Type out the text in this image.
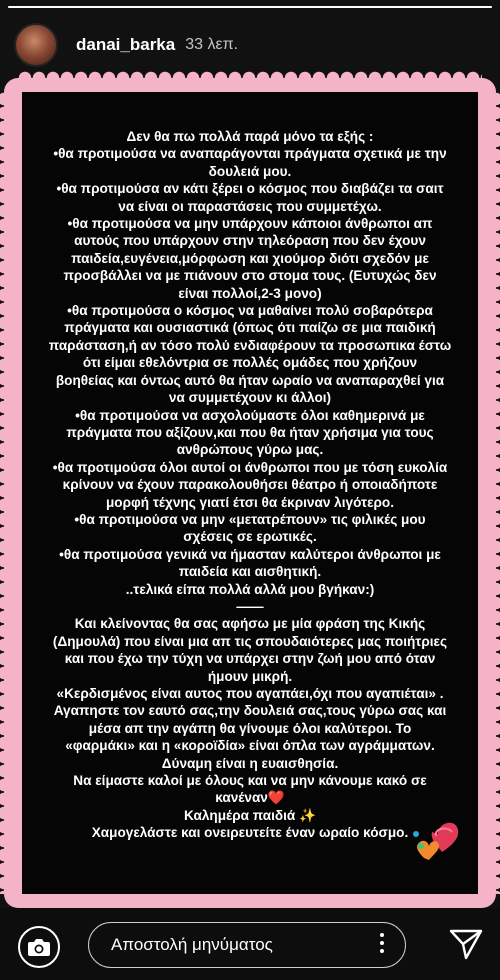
danai_barka 33 λεπ.

Δεν θα πω πολλά παρά μόνο τα εξής :

•θα προτιμούσα να αναπαράγονται πράγματα σχετικά με την

δουλειά μου.

•θα προτιμούσα αν κάτι ξέρει ο κόσμος που διαβάζει τα σαιτ

να είναι οι παραστάσεις που συμμετέχω.

•θα προτιμούσα να μην υπάρχουν κάποιοι άνθρωποι απ

αυτούς που υπάρχουν στην τηλεόραση που δεν έχουν

παιδεία,ευγένεια,μόρφωση και χιούμορ διότι σχεδόν με

προσβάλλει να με πιάνουν στο στομα τους. (Ευτυχώς δεν

είναι πολλοί,2-3 μονο)

•θα προτιμούσα ο κόσμος να μαθαίνει πολύ σοβαρότερα

πράγματα και ουσιαστικά (όπως ότι παίζω σε μια παιδική

παράσταση,ή αν τόσο πολύ ενδιαφέρουν τα προσωπικα έστω

ότι είμαι εθελόντρια σε πολλές ομάδες που χρήζουν

βοηθείας και όντως αυτό θα ήταν ωραίο να αναπαραχθεί για

να συμμετέχουν κι άλλοι)

•θα προτιμούσα να ασχολούμαστε όλοι καθημερινά με

πράγματα που αξίζουν,και που θα ήταν χρήσιμα για τους

ανθρώπους γύρω μας.

•θα προτιμούσα όλοι αυτοί οι άνθρωποι που με τόση ευκολία

κρίνουν να έχουν παρακολουθήσει θέατρο ή οποιαδήποτε

μορφή τέχνης γιατί έτσι θα έκριναν λιγότερο.

•θα προτιμούσα να μην «μετατρέπουν» τις φιλικές μου

σχέσεις σε ερωτικές.

•θα προτιμούσα γενικά να ήμασταν καλύτεροι άνθρωποι με

παιδεία και αισθητική.

..τελικά είπα πολλά αλλά μου βγήκαν:)

——

Και κλείνοντας θα σας αφήσω με μία φράση της Κικής

(Δημουλά) που είναι μια απ τις σπουδαιότερες μας ποιήτριες

και που έχω την τύχη να υπάρχει στην ζωή μου από όταν

ήμουν μικρή.

«Κερδισμένος είναι αυτος που αγαπάει,όχι που αγαπιέται» .

Αγαπηστε τον εαυτό σας,την δουλειά σας,τους γύρω σας και

μέσα απ την αγάπη θα γίνουμε όλοι καλύτεροι. Το

«φαρμάκι» και η «κοροϊδία» είναι όπλα των αγράμματων.

Δύναμη είναι η ευαισθησία.

Να είμαστε καλοί με όλους και να μην κάνουμε κακό σε

κανέναν❤️

Καλημέρα παιδιά ✨

Χαμογελάστε και ονειρευτείτε έναν ωραίο κόσμο.

Αποστολή μηνύματος
